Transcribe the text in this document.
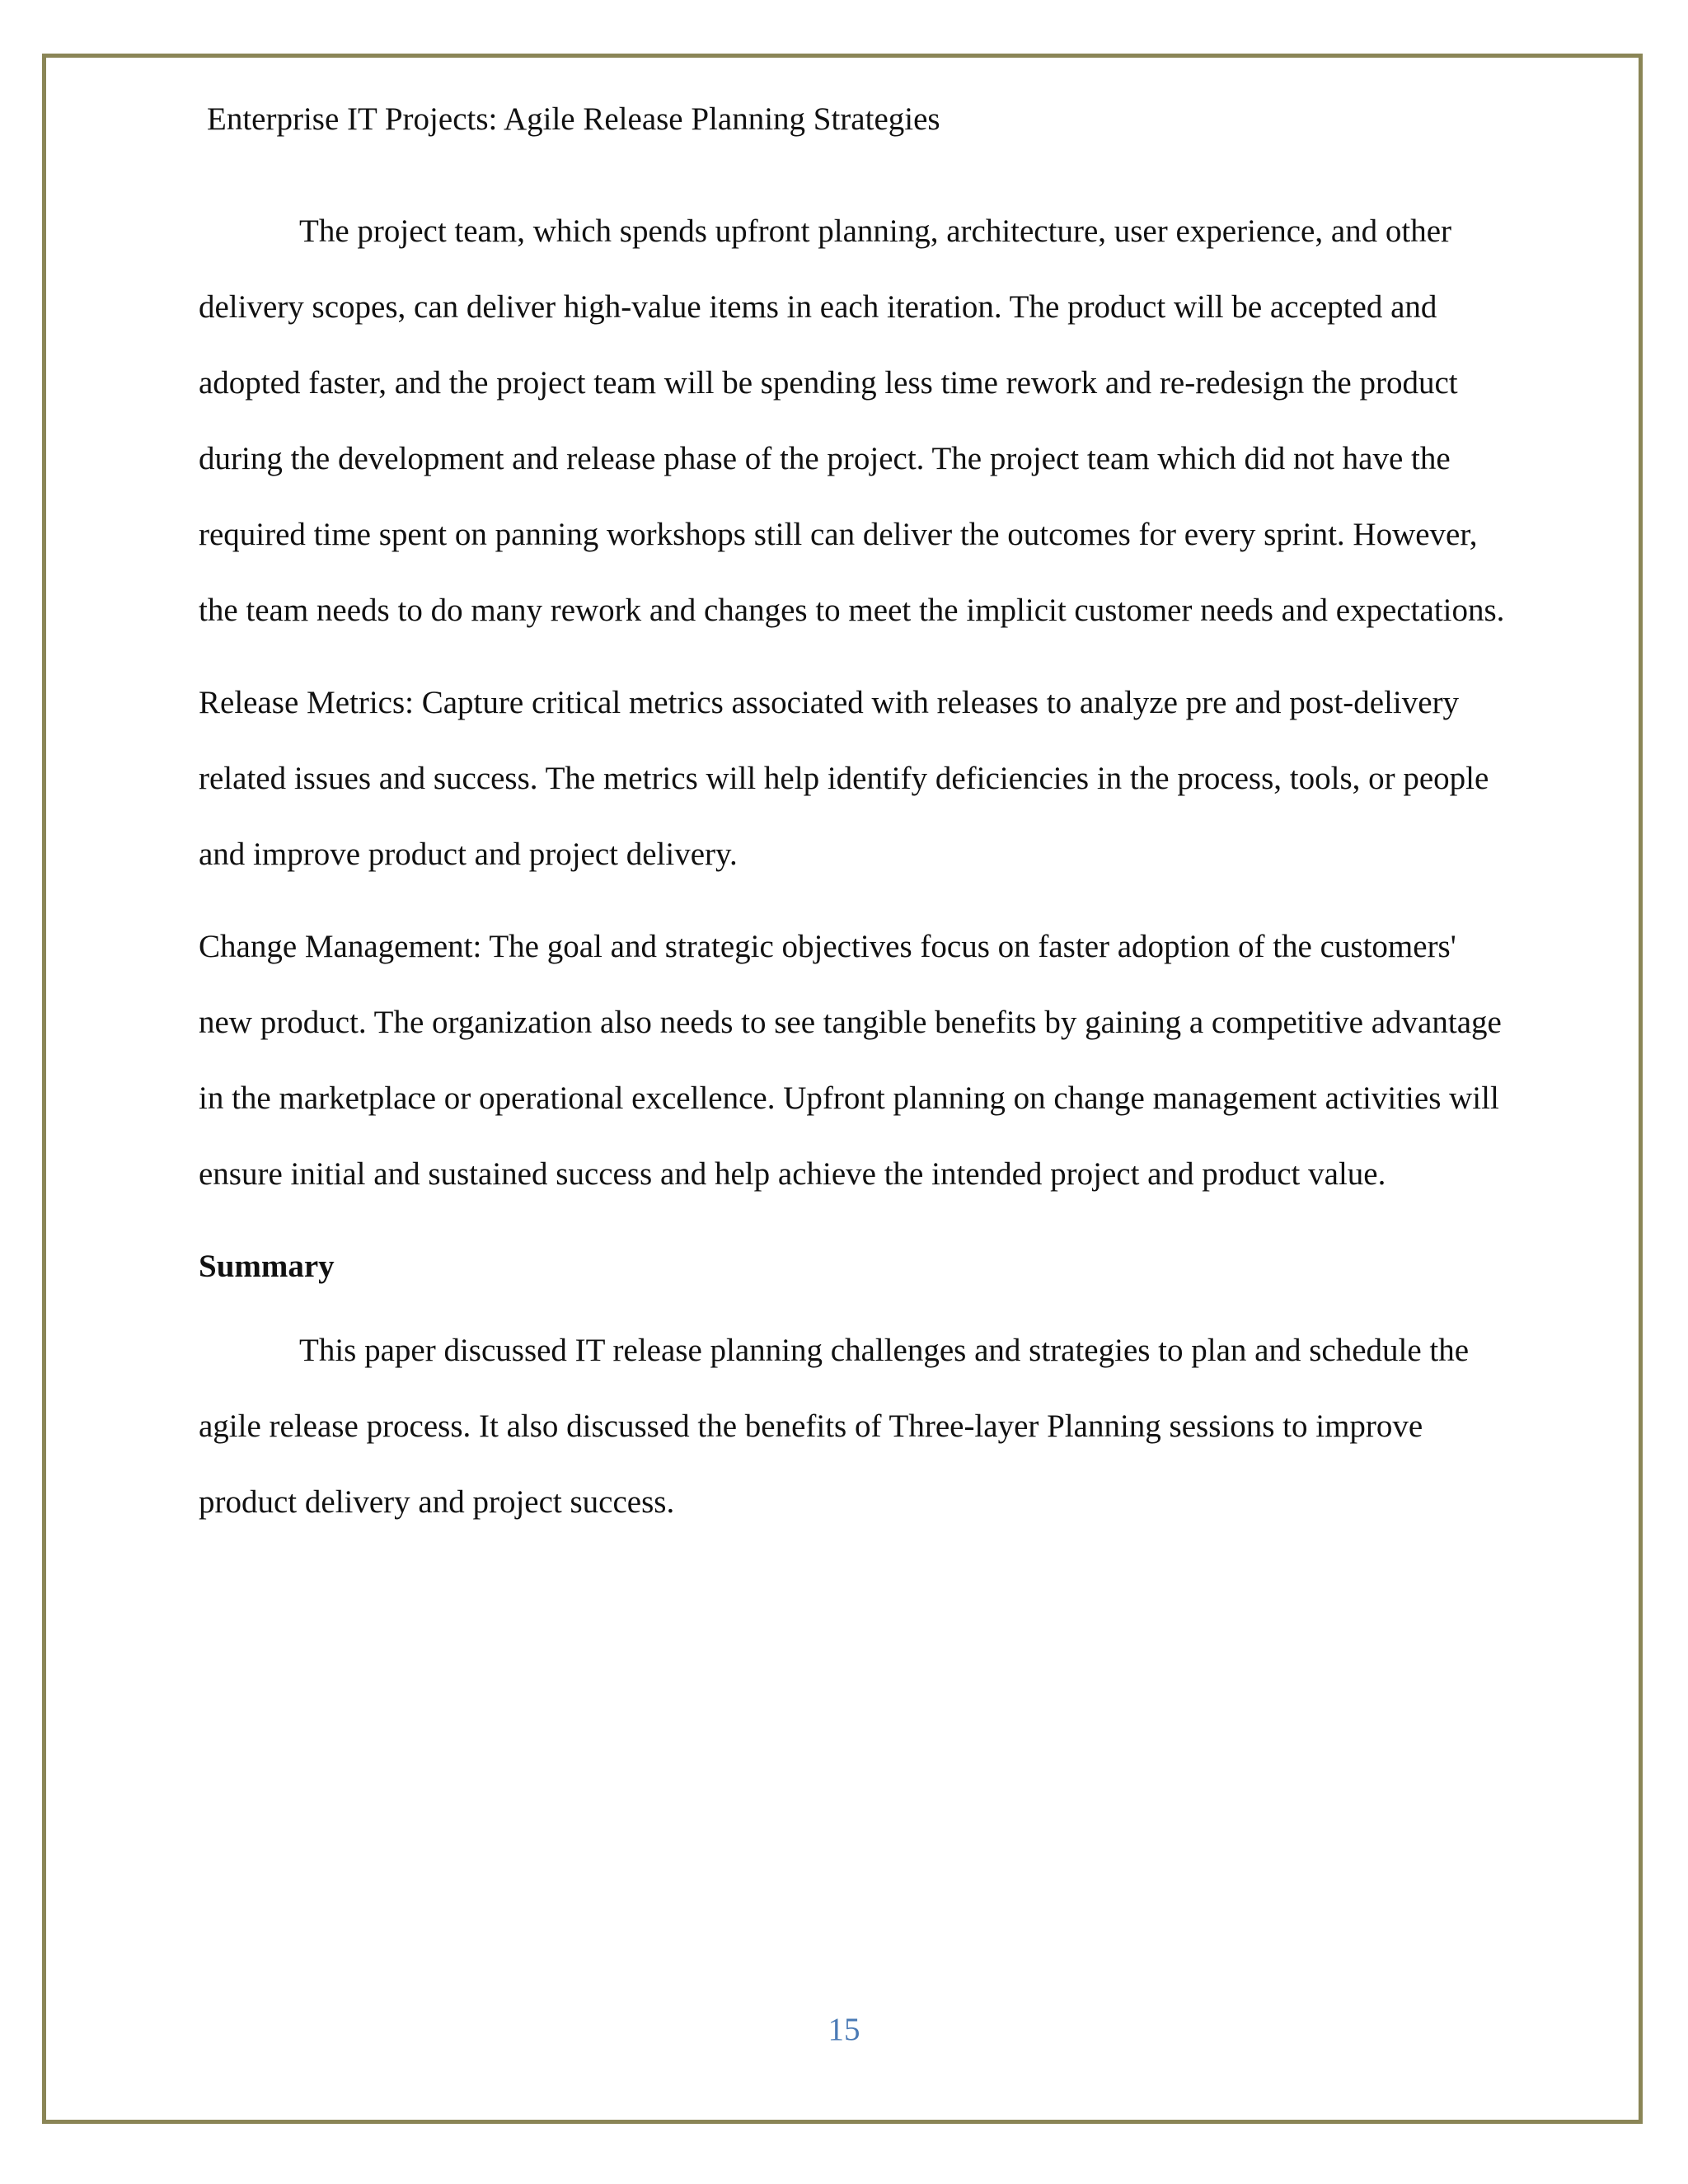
Enterprise IT Projects: Agile Release Planning Strategies

The project team, which spends upfront planning, architecture, user experience, and other delivery scopes, can deliver high-value items in each iteration. The product will be accepted and adopted faster, and the project team will be spending less time rework and re-redesign the product during the development and release phase of the project. The project team which did not have the required time spent on panning workshops still can deliver the outcomes for every sprint. However, the team needs to do many rework and changes to meet the implicit customer needs and expectations.

Release Metrics: Capture critical metrics associated with releases to analyze pre and post-delivery related issues and success. The metrics will help identify deficiencies in the process, tools, or people and improve product and project delivery.

Change Management: The goal and strategic objectives focus on faster adoption of the customers' new product. The organization also needs to see tangible benefits by gaining a competitive advantage in the marketplace or operational excellence. Upfront planning on change management activities will ensure initial and sustained success and help achieve the intended project and product value.

Summary

This paper discussed IT release planning challenges and strategies to plan and schedule the agile release process. It also discussed the benefits of Three-layer Planning sessions to improve product delivery and project success.

15
